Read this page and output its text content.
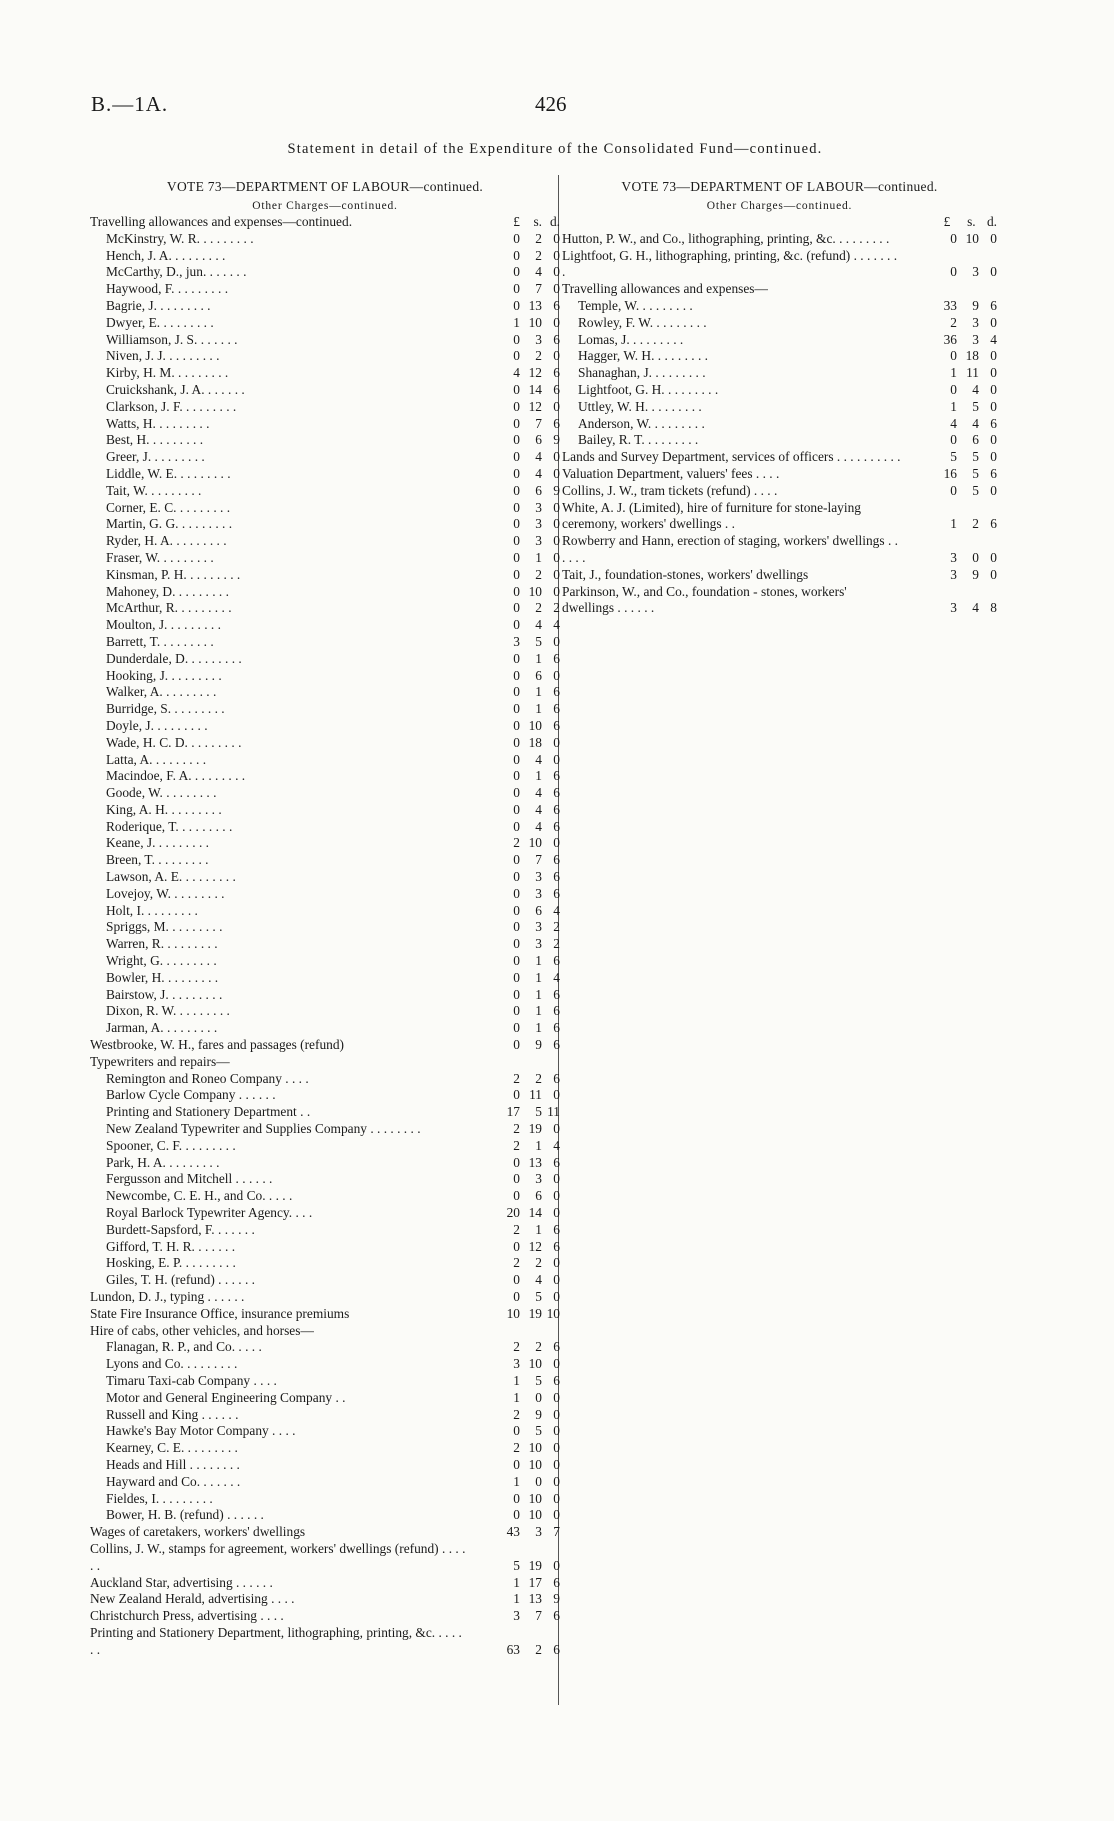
B.—1A.	426
Statement in detail of the Expenditure of the Consolidated Fund—continued.
VOTE 73—DEPARTMENT OF LABOUR—continued.
Other Charges—continued.
Travelling allowances and expenses—continued.	£ s. d.
McKinstry, W. R. . . . . . . . .	0 2 0
Hench, J. A. . . . . . . . .	0 2 0
McCarthy, D., jun. . . . . . .	0 4 0
Haywood, F. . . . . . . . .	0 7 0
Bagrie, J. . . . . . . . .	0 13 6
Dwyer, E. . . . . . . . .	1 10 0
Williamson, J. S. . . . . . .	0 3 6
Niven, J. J. . . . . . . . .	0 2 0
Kirby, H. M. . . . . . . . .	4 12 6
Cruickshank, J. A. . . . . . .	0 14 6
Clarkson, J. F. . . . . . . . .	0 12 0
Watts, H. . . . . . . . .	0 7 6
Best, H. . . . . . . . .	0 6 9
Greer, J. . . . . . . . .	0 4 0
Liddle, W. E. . . . . . . . .	0 4 0
Tait, W. . . . . . . . .	0 6 9
Corner, E. C. . . . . . . . .	0 3 0
Martin, G. G. . . . . . . . .	0 3 0
Ryder, H. A. . . . . . . . .	0 3 0
Fraser, W. . . . . . . . .	0 1 0
Kinsman, P. H. . . . . . . . .	0 2 0
Mahoney, D. . . . . . . . .	0 10 0
McArthur, R. . . . . . . . .	0 2 2
Moulton, J. . . . . . . . .	0 4 4
Barrett, T. . . . . . . . .	3 5 0
Dunderdale, D. . . . . . . . .	0 1 6
Hooking, J. . . . . . . . .	0 6 0
Walker, A. . . . . . . . .	0 1 6
Burridge, S. . . . . . . . .	0 1 6
Doyle, J. . . . . . . . .	0 10 6
Wade, H. C. D. . . . . . . . .	0 18 0
Latta, A. . . . . . . . .	0 4 0
Macindoe, F. A. . . . . . . . .	0 1 6
Goode, W. . . . . . . . .	0 4 6
King, A. H. . . . . . . . .	0 4 6
Roderique, T. . . . . . . . .	0 4 6
Keane, J. . . . . . . . .	2 10 0
Breen, T. . . . . . . . .	0 7 6
Lawson, A. E. . . . . . . . .	0 3 6
Lovejoy, W. . . . . . . . .	0 3 6
Holt, I. . . . . . . . .	0 6 4
Spriggs, M. . . . . . . . .	0 3 2
Warren, R. . . . . . . . .	0 3 2
Wright, G. . . . . . . . .	0 1 6
Bowler, H. . . . . . . . .	0 1 4
Bairstow, J. . . . . . . . .	0 1 6
Dixon, R. W. . . . . . . . .	0 1 6
Jarman, A. . . . . . . . .	0 1 6
Westbrooke, W. H., fares and passages (refund)	0 9 6
Typewriters and repairs—
Remington and Roneo Company . . . .	2 2 6
Barlow Cycle Company . . . . . .	0 11 0
Printing and Stationery Department . .	17 5 11
New Zealand Typewriter and Supplies Company . . . . . . . .	2 19 0
Spooner, C. F. . . . . . . . .	2 1 4
Park, H. A. . . . . . . . .	0 13 6
Fergusson and Mitchell . . . . . .	0 3 0
Newcombe, C. E. H., and Co. . . . .	0 6 0
Royal Barlock Typewriter Agency. . . .	20 14 0
Burdett-Sapsford, F. . . . . . .	2 1 6
Gifford, T. H. R. . . . . . .	0 12 6
Hosking, E. P. . . . . . . . .	2 2 0
Giles, T. H. (refund) . . . . . .	0 4 0
Lundon, D. J., typing . . . . . .	0 5 0
State Fire Insurance Office, insurance premiums	10 19 10
Hire of cabs, other vehicles, and horses—
Flanagan, R. P., and Co. . . . .	2 2 6
Lyons and Co. . . . . . . . .	3 10 0
Timaru Taxi-cab Company . . . .	1 5 6
Motor and General Engineering Company . .	1 0 0
Russell and King . . . . . .	2 9 0
Hawke's Bay Motor Company . . . .	0 5 0
Kearney, C. E. . . . . . . . .	2 10 0
Heads and Hill . . . . . . . .	0 10 0
Hayward and Co. . . . . . .	1 0 0
Fieldes, I. . . . . . . . .	0 10 0
Bower, H. B. (refund) . . . . . .	0 10 0
Wages of caretakers, workers' dwellings	43 3 7
Collins, J. W., stamps for agreement, workers' dwellings (refund) . . . . . .	5 19 0
Auckland Star, advertising . . . . . .	1 17 6
New Zealand Herald, advertising . . . .	1 13 9
Christchurch Press, advertising . . . .	3 7 6
Printing and Stationery Department, lithographing, printing, &c. . . . . . .	63 2 6
VOTE 73—DEPARTMENT OF LABOUR—continued.
Other Charges—continued.
£ s. d.

Hutton, P. W., and Co., lithographing, printing, &c. . . . . . . . .	0 10 0
Lightfoot, G. H., lithographing, printing, &c. (refund) . . . . . . . .	0 3 0
Travelling allowances and expenses—
Temple, W. . . . . . . . .	33 9 6
Rowley, F. W. . . . . . . . .	2 3 0
Lomas, J. . . . . . . . .	36 3 4
Hagger, W. H. . . . . . . . .	0 18 0
Shanaghan, J. . . . . . . . .	1 11 0
Lightfoot, G. H. . . . . . . . .	0 4 0
Uttley, W. H. . . . . . . . .	1 5 0
Anderson, W. . . . . . . . .	4 4 6
Bailey, R. T. . . . . . . . .	0 6 0
Lands and Survey Department, services of officers . . . . . . . . . .	5 5 0
Valuation Department, valuers' fees . . . .	16 5 6
Collins, J. W., tram tickets (refund) . . . .	0 5 0
White, A. J. (Limited), hire of furniture for stone-laying ceremony, workers' dwellings . .	1 2 6
Rowberry and Hann, erection of staging, workers' dwellings . . . . . .	3 0 0
Tait, J., foundation-stones, workers' dwellings	3 9 0
Parkinson, W., and Co., foundation - stones, workers' dwellings . . . . . .	3 4 8
